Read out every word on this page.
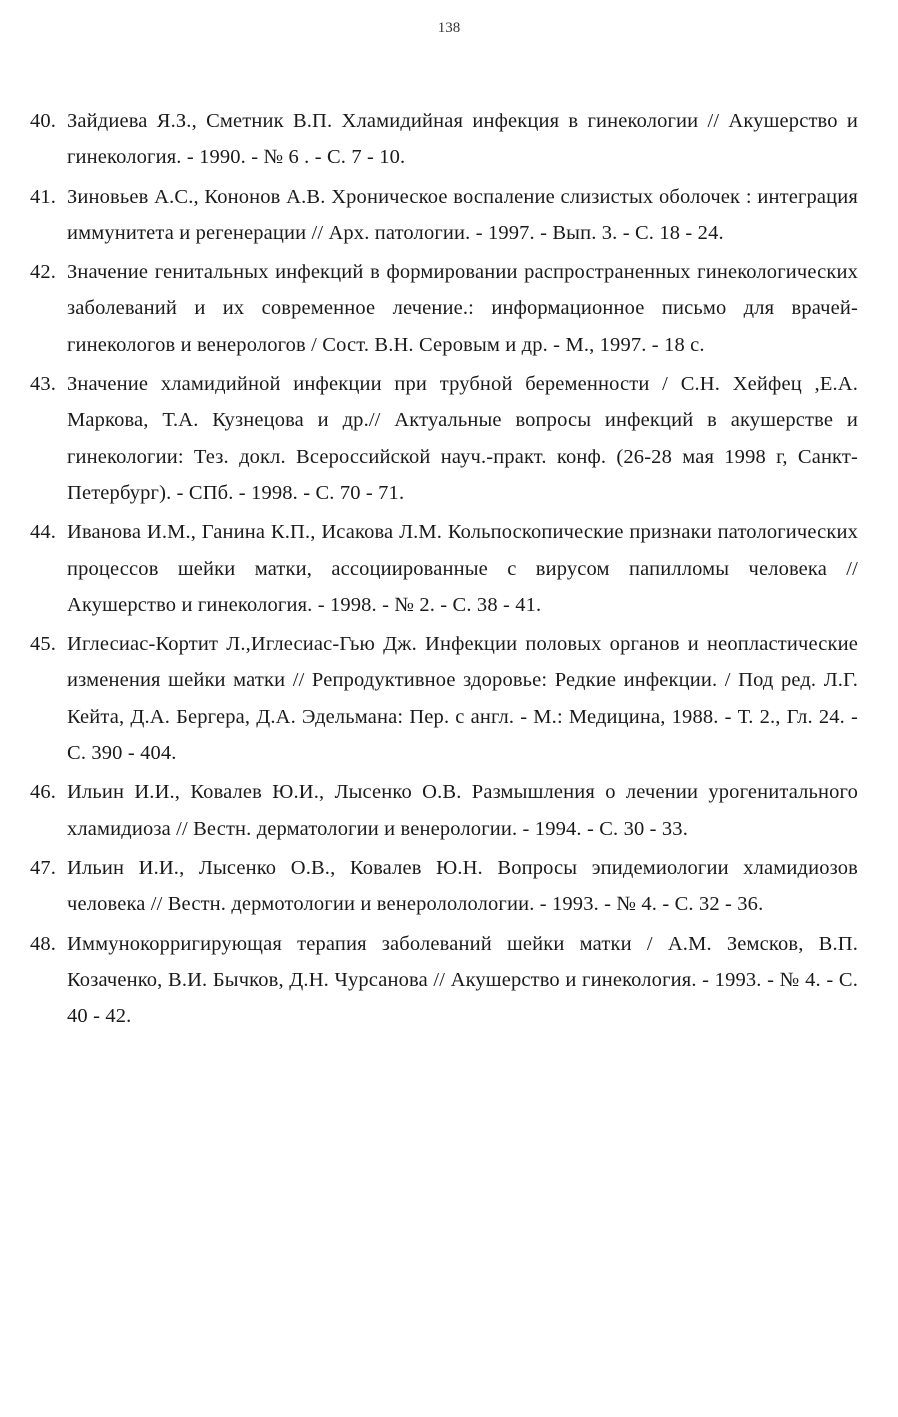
138
40. Зайдиева Я.З., Сметник В.П. Хламидийная инфекция в гинекологии // Акушерство и гинекология. - 1990. - № 6 . - С. 7 - 10.
41. Зиновьев А.С., Кононов А.В. Хроническое воспаление слизистых оболочек : интеграция иммунитета и регенерации // Арх. патологии. - 1997. - Вып. 3. - С. 18 - 24.
42. Значение генитальных инфекций в формировании распространенных гинекологических заболеваний и их современное лечение.: информационное письмо для врачей-гинекологов и венерологов / Сост. В.Н. Серовым и др. - М., 1997. - 18 с.
43. Значение хламидийной инфекции при трубной беременности / С.Н. Хейфец ,Е.А. Маркова, Т.А. Кузнецова и др.// Актуальные вопросы инфекций в акушерстве и гинекологии: Тез. докл. Всероссийской науч.-практ. конф. (26-28 мая 1998 г, Санкт-Петербург). - СПб. - 1998. - С. 70 - 71.
44. Иванова И.М., Ганина К.П., Исакова Л.М. Кольпоскопические признаки патологических процессов шейки матки, ассоциированные с вирусом папилломы человека // Акушерство и гинекология. - 1998. - № 2. - С. 38 - 41.
45. Иглесиас-Кортит Л.,Иглесиас-Гью Дж. Инфекции половых органов и неопластические изменения шейки матки // Репродуктивное здоровье: Редкие инфекции. / Под ред. Л.Г. Кейта, Д.А. Бергера, Д.А. Эдельмана: Пер. с англ. - М.: Медицина, 1988. - Т. 2., Гл. 24. - С. 390 - 404.
46. Ильин И.И., Ковалев Ю.И., Лысенко О.В. Размышления о лечении урогенитального хламидиоза // Вестн. дерматологии и венерологии. - 1994. - С. 30 - 33.
47. Ильин И.И., Лысенко О.В., Ковалев Ю.Н. Вопросы эпидемиологии хламидиозов человека // Вестн. дермотологии и венерололологии. - 1993. - № 4. - С. 32 - 36.
48. Иммунокорригирующая терапия заболеваний шейки матки / А.М. Земсков, В.П. Козаченко, В.И. Бычков, Д.Н. Чурсанова // Акушерство и гинекология. - 1993. - № 4. - С. 40 - 42.
